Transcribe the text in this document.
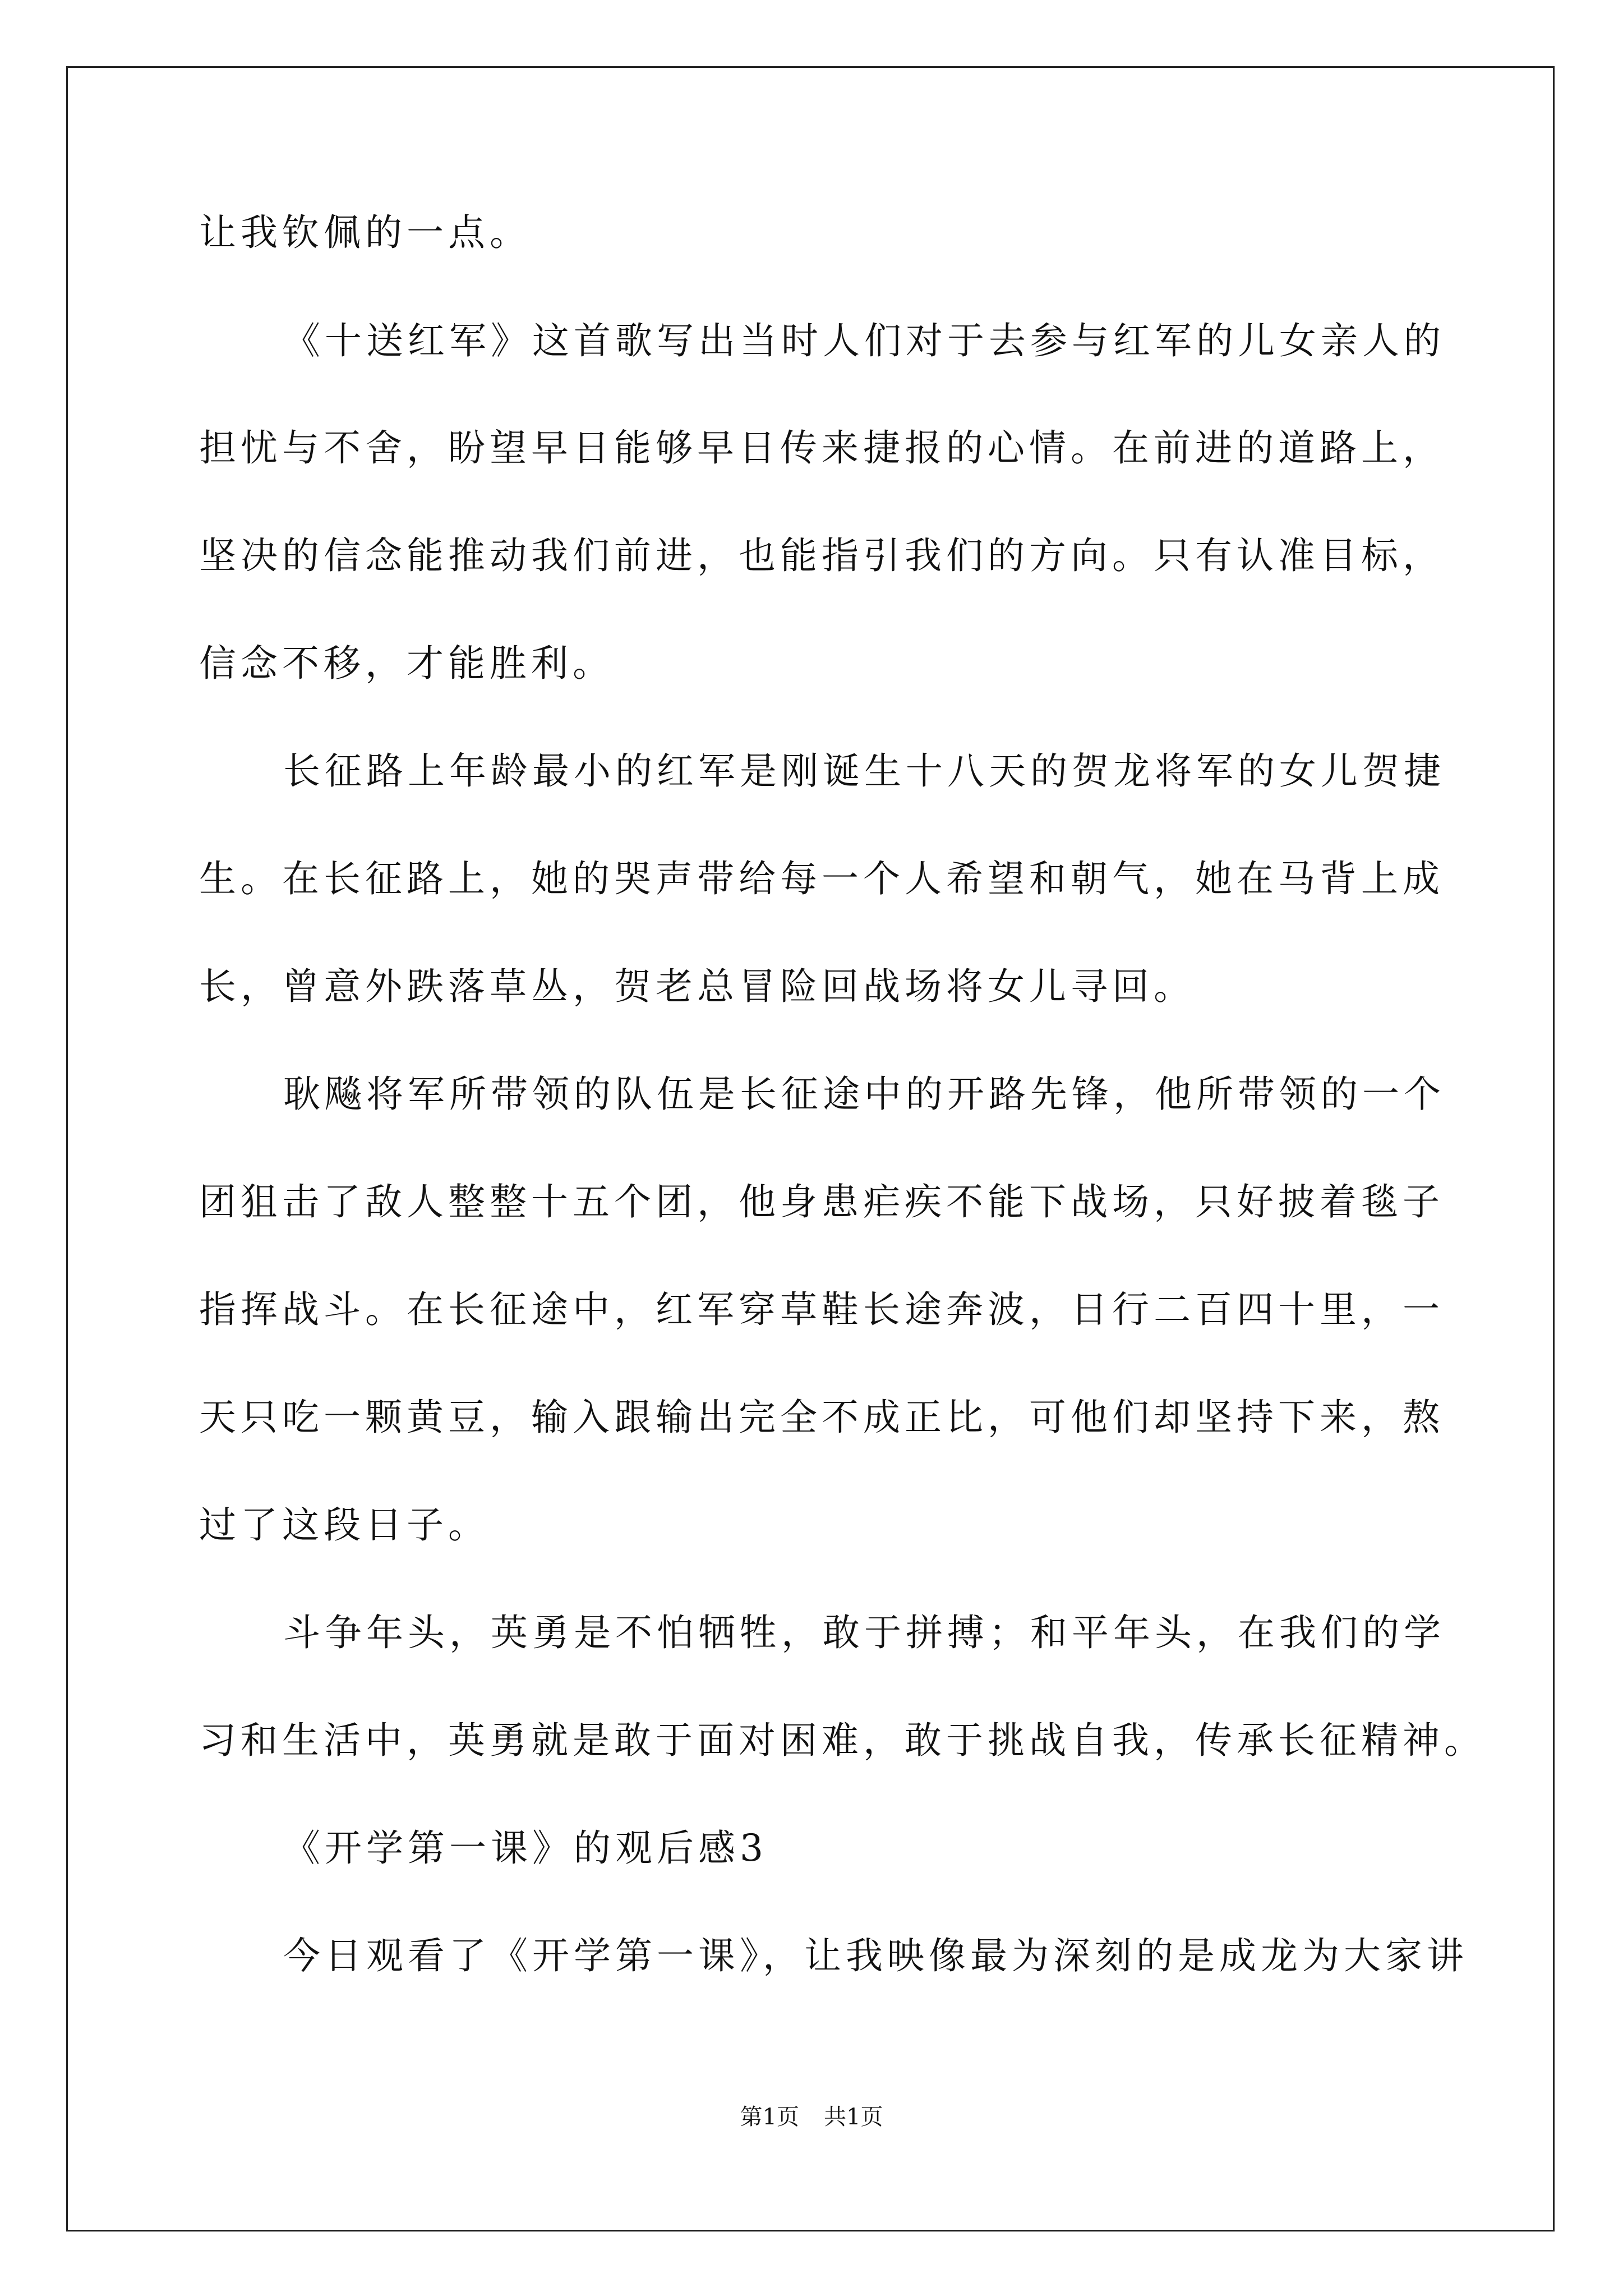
让我钦佩的一点。
《十送红军》这首歌写出当时人们对于去参与红军的儿女亲人的
担忧与不舍，盼望早日能够早日传来捷报的心情。在前进的道路上，
坚决的信念能推动我们前进，也能指引我们的方向。只有认准目标，
信念不移，才能胜利。
长征路上年龄最小的红军是刚诞生十八天的贺龙将军的女儿贺捷
生。在长征路上，她的哭声带给每一个人希望和朝气，她在马背上成
长，曾意外跌落草丛，贺老总冒险回战场将女儿寻回。
耿飚将军所带领的队伍是长征途中的开路先锋，他所带领的一个
团狙击了敌人整整十五个团，他身患疟疾不能下战场，只好披着毯子
指挥战斗。在长征途中，红军穿草鞋长途奔波，日行二百四十里，一
天只吃一颗黄豆，输入跟输出完全不成正比，可他们却坚持下来，熬
过了这段日子。
斗争年头，英勇是不怕牺牲，敢于拼搏；和平年头，在我们的学
习和生活中，英勇就是敢于面对困难，敢于挑战自我，传承长征精神。
《开学第一课》的观后感3
今日观看了《开学第一课》，让我映像最为深刻的是成龙为大家讲
第1页 共1页
